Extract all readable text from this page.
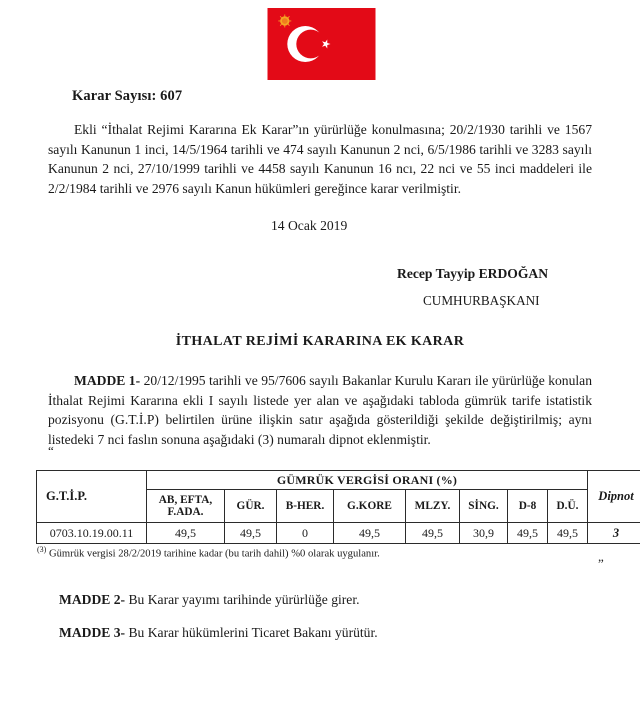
Karar Sayısı: 607
Ekli “İthalat Rejimi Kararına Ek Karar”ın yürürlüğe konulmasına; 20/2/1930 tarihli ve 1567 sayılı Kanunun 1 inci, 14/5/1964 tarihli ve 474 sayılı Kanunun 2 nci, 6/5/1986 tarihli ve 3283 sayılı Kanunun 2 nci, 27/10/1999 tarihli ve 4458 sayılı Kanunun 16 ncı, 22 nci ve 55 inci maddeleri ile 2/2/1984 tarihli ve 2976 sayılı Kanun hükümleri gereğince karar verilmiştir.
14 Ocak 2019
Recep Tayyip ERDOĞAN
CUMHURBAŞKANI
İTHALAT REJİMİ KARARINA EK KARAR
MADDE 1- 20/12/1995 tarihli ve 95/7606 sayılı Bakanlar Kurulu Kararı ile yürürlüğe konulan İthalat Rejimi Kararına ekli I sayılı listede yer alan ve aşağıdaki tabloda gümrük tarife istatistik pozisyonu (G.T.İ.P) belirtilen ürüne ilişkin satır aşağıda gösterildiği şekilde değiştirilmiş; aynı listedeki 7 nci faslın sonuna aşağıdaki (3) numaralı dipnot eklenmiştir.
“
G.T.İ.P.	GÜMRÜK VERGİSİ ORANI (%)								Dipnot
	AB, EFTA, F.ADA.	GÜR.	B-HER.	G.KORE	MLZY.	SİNG.	D-8	D.Ü.	
0703.10.19.00.11	49,5	49,5	0	49,5	49,5	30,9	49,5	49,5	3
$^{(3)}$ Gümrük vergisi 28/2/2019 tarihine kadar (bu tarih dahil) %0 olarak uygulanır.
”
MADDE 2- Bu Karar yayımı tarihinde yürürlüğe girer.
MADDE 3- Bu Karar hükümlerini Ticaret Bakanı yürütür.
